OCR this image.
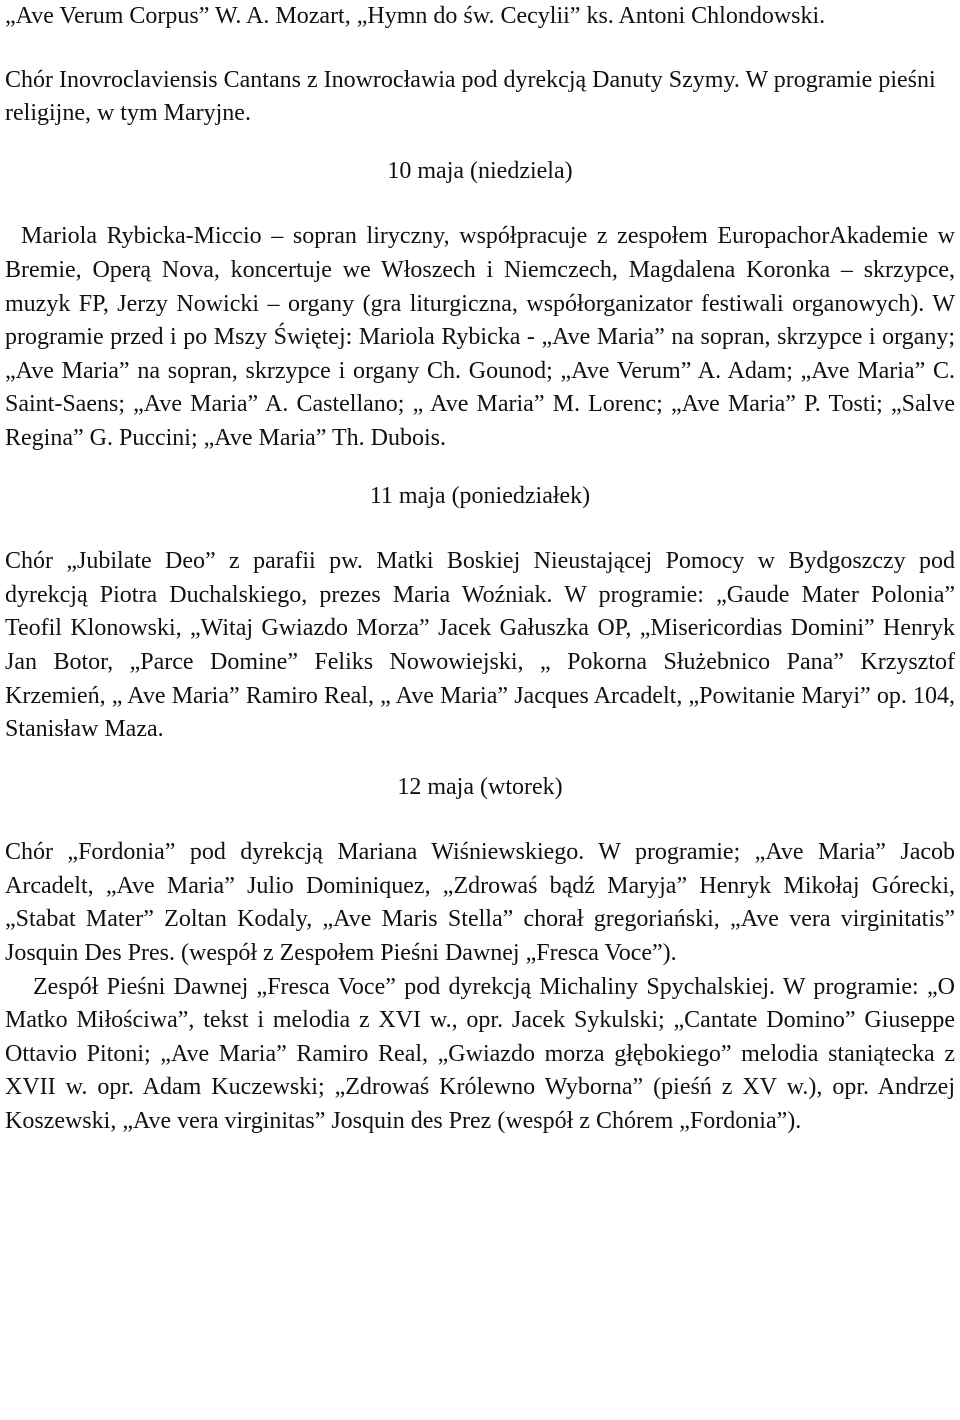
„Ave Verum Corpus” W. A. Mozart, „Hymn do św. Cecylii” ks. Antoni Chlondowski.

Chór Inovroclaviensis Cantans z Inowrocławia pod dyrekcją Danuty Szymy. W programie pieśni religijne, w tym Maryjne.

10 maja (niedziela)

Mariola Rybicka-Miccio – sopran liryczny, współpracuje z zespołem EuropachorAkademie w Bremie, Operą Nova, koncertuje we Włoszech i Niemczech, Magdalena Koronka – skrzypce, muzyk FP, Jerzy Nowicki – organy (gra liturgiczna, współorganizator festiwali organowych). W programie przed i po Mszy Świętej: Mariola Rybicka - „Ave Maria” na sopran, skrzypce i organy; „Ave Maria” na sopran, skrzypce i organy Ch. Gounod; „Ave Verum” A. Adam; „Ave Maria” C. Saint-Saens; „Ave Maria” A. Castellano; „ Ave Maria” M. Lorenc; „Ave Maria” P. Tosti; „Salve Regina” G. Puccini; „Ave Maria” Th. Dubois.

11 maja (poniedziałek)

Chór „Jubilate Deo” z parafii pw. Matki Boskiej Nieustającej Pomocy w Bydgoszczy pod dyrekcją Piotra Duchalskiego, prezes Maria Woźniak. W programie: „Gaude Mater Polonia” Teofil Klonowski, „Witaj Gwiazdo Morza” Jacek Gałuszka OP, „Misericordias Domini” Henryk Jan Botor, „Parce Domine” Feliks Nowowiejski, „ Pokorna Służebnico Pana” Krzysztof Krzemień, „ Ave Maria” Ramiro Real, „ Ave Maria” Jacques Arcadelt, „Powitanie Maryi” op. 104, Stanisław Maza.

12 maja (wtorek)

Chór „Fordonia” pod dyrekcją Mariana Wiśniewskiego. W programie; „Ave Maria” Jacob Arcadelt, „Ave Maria” Julio Dominiquez, „Zdrowaś bądź Maryja” Henryk Mikołaj Górecki, „Stabat Mater” Zoltan Kodaly, „Ave Maris Stella” chorał gregoriański, „Ave vera virginitatis” Josquin Des Pres. (wespół z Zespołem Pieśni Dawnej „Fresca Voce”).

Zespół Pieśni Dawnej „Fresca Voce” pod dyrekcją Michaliny Spychalskiej. W programie: „O Matko Miłościwa”, tekst i melodia z XVI w., opr. Jacek Sykulski; „Cantate Domino” Giuseppe Ottavio Pitoni; „Ave Maria” Ramiro Real, „Gwiazdo morza głębokiego” melodia staniątecka z XVII w. opr. Adam Kuczewski; „Zdrowaś Królewno Wyborna” (pieśń z XV w.), opr. Andrzej Koszewski, „Ave vera virginitas” Josquin des Prez (wespół z Chórem „Fordonia”).
